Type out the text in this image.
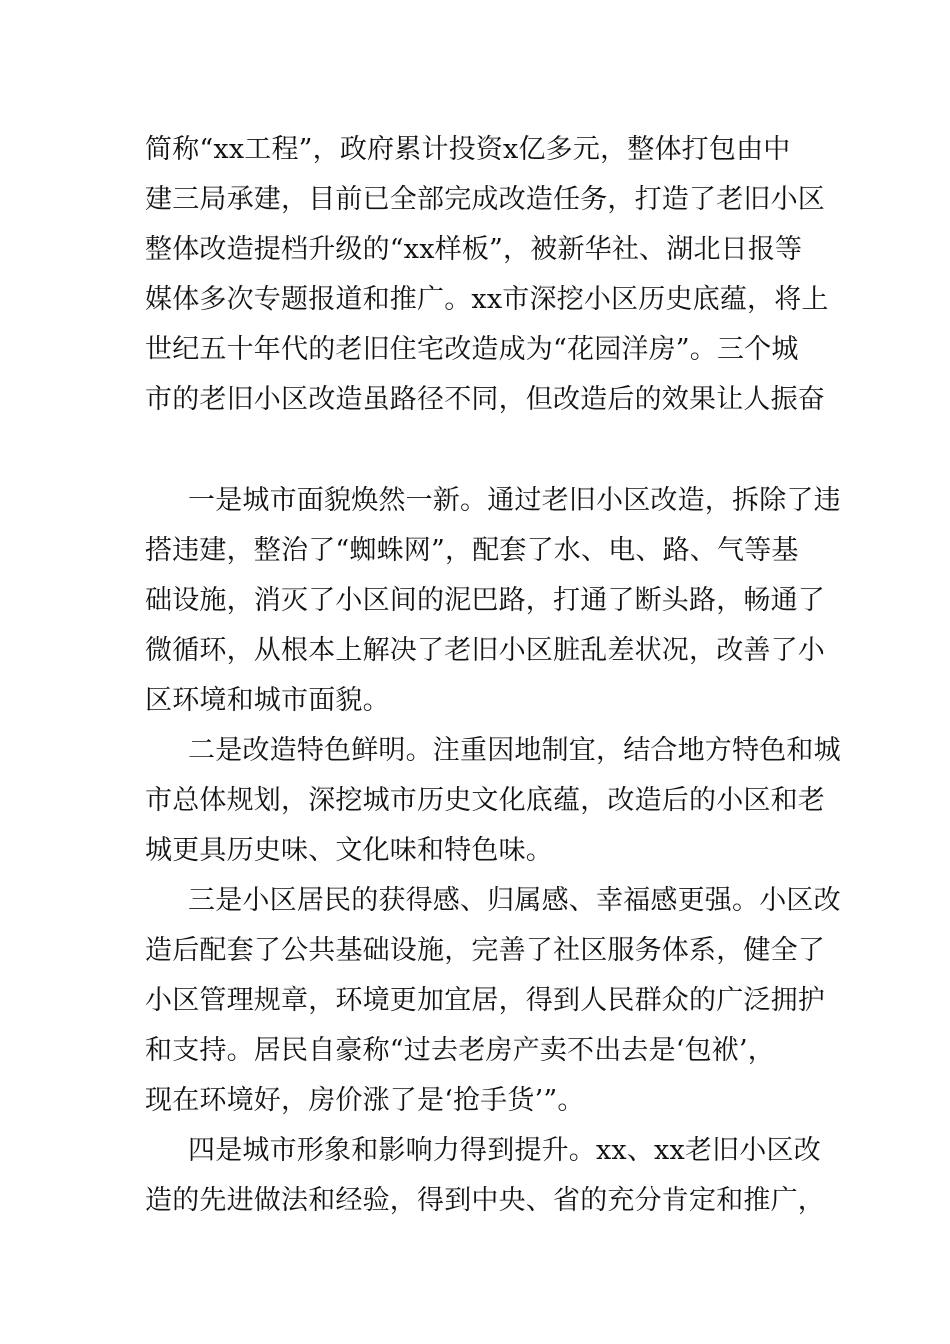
简称“xx工程”，政府累计投资x亿多元，整体打包由中
建三局承建，目前已全部完成改造任务，打造了老旧小区
整体改造提档升级的“xx样板”，被新华社、湖北日报等
媒体多次专题报道和推广。xx市深挖小区历史底蕴，将上
世纪五十年代的老旧住宅改造成为“花园洋房”。三个城
市的老旧小区改造虽路径不同，但改造后的效果让人振奋
一是城市面貌焕然一新。通过老旧小区改造，拆除了违
搭违建，整治了“蜘蛛网”，配套了水、电、路、气等基
础设施，消灭了小区间的泥巴路，打通了断头路，畅通了
微循环，从根本上解决了老旧小区脏乱差状况，改善了小
区环境和城市面貌。
二是改造特色鲜明。注重因地制宜，结合地方特色和城
市总体规划，深挖城市历史文化底蕴，改造后的小区和老
城更具历史味、文化味和特色味。
三是小区居民的获得感、归属感、幸福感更强。小区改
造后配套了公共基础设施，完善了社区服务体系，健全了
小区管理规章，环境更加宜居，得到人民群众的广泛拥护
和支持。居民自豪称“过去老房产卖不出去是‘包袱’，
现在环境好，房价涨了是‘抢手货’”。
四是城市形象和影响力得到提升。xx、xx老旧小区改
造的先进做法和经验，得到中央、省的充分肯定和推广，
